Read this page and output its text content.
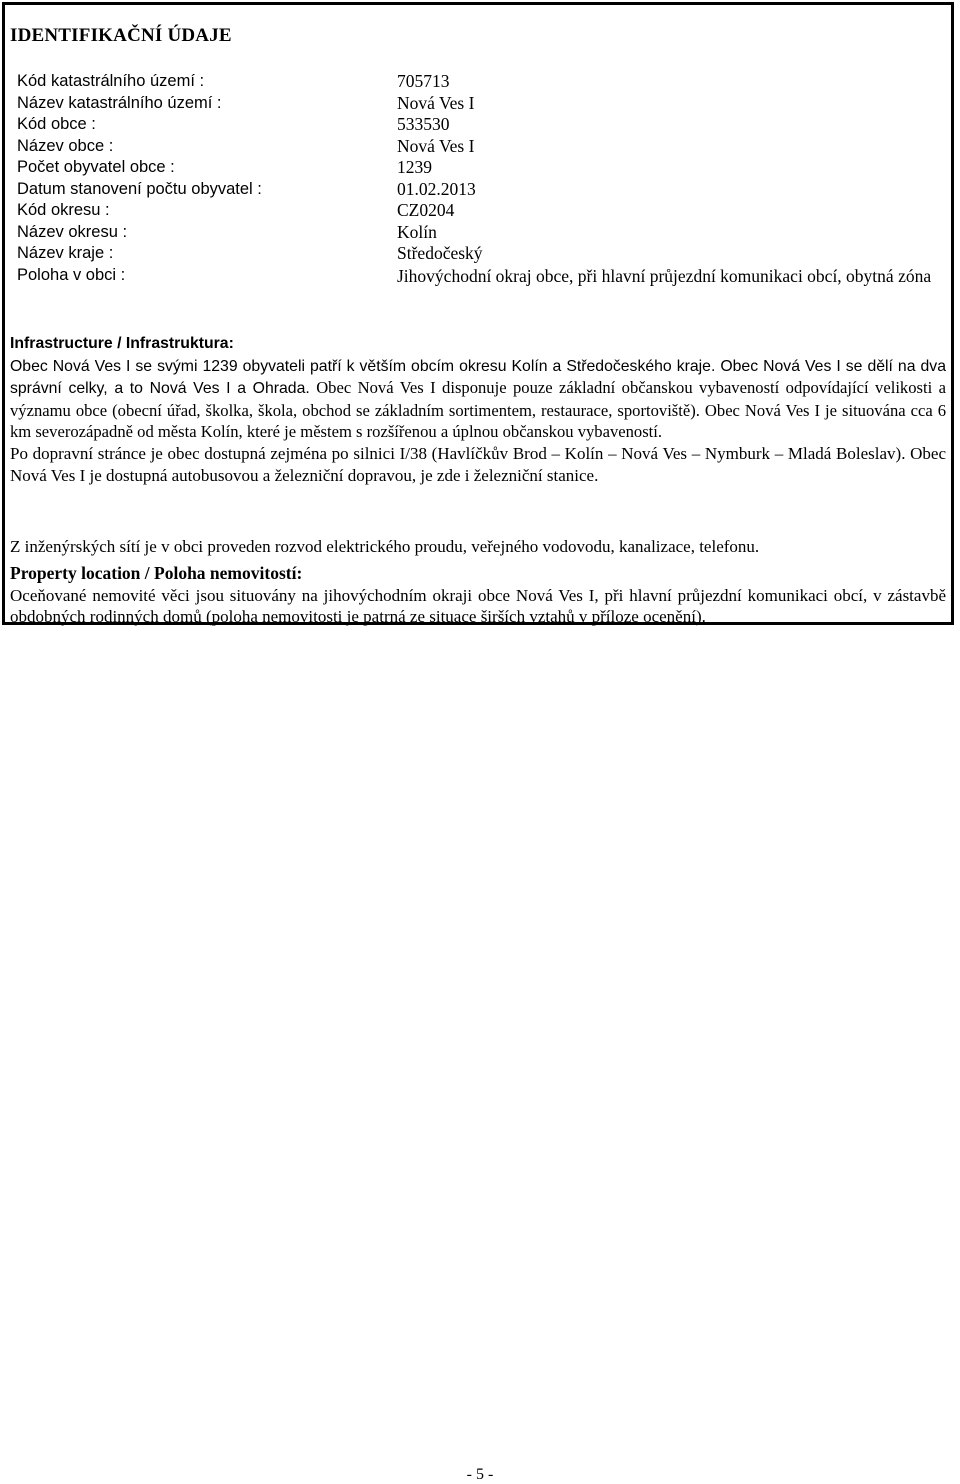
IDENTIFIKAČNÍ ÚDAJE
Kód katastrálního území :	705713
Název katastrálního území :	Nová Ves I
Kód obce :	533530
Název obce :	Nová Ves I
Počet obyvatel obce :	1239
Datum stanovení počtu obyvatel :	01.02.2013
Kód okresu :	CZ0204
Název okresu :	Kolín
Název kraje :	Středočeský
Poloha v obci :	Jihovýchodní okraj obce, při hlavní průjezdní komunikaci obcí, obytná zóna
Infrastructure / Infrastruktura:
Obec Nová Ves I se svými 1239 obyvateli patří k větším obcím okresu Kolín a Středočeského kraje. Obec Nová Ves I se dělí na dva správní celky, a to Nová Ves I a Ohrada. Obec Nová Ves I disponuje pouze základní občanskou vybaveností odpovídající velikosti a významu obce (obecní úřad, školka, škola, obchod se základním sortimentem, restaurace, sportoviště). Obec Nová Ves I je situována cca 6 km severozápadně od města Kolín, které je městem s rozšířenou a úplnou občanskou vybaveností.
Po dopravní stránce je obec dostupná zejména po silnici I/38 (Havlíčkův Brod – Kolín – Nová Ves – Nymburk – Mladá Boleslav). Obec Nová Ves I je dostupná autobusovou a železniční dopravou, je zde i železniční stanice.
Z inženýrských sítí je v obci proveden rozvod elektrického proudu, veřejného vodovodu, kanalizace, telefonu.
Property location / Poloha nemovitostí:
Oceňované nemovité věci jsou situovány na jihovýchodním okraji obce Nová Ves I, při hlavní průjezdní komunikaci obcí, v zástavbě obdobných rodinných domů (poloha nemovitosti je patrná ze situace širších vztahů v příloze ocenění).
- 5 -
